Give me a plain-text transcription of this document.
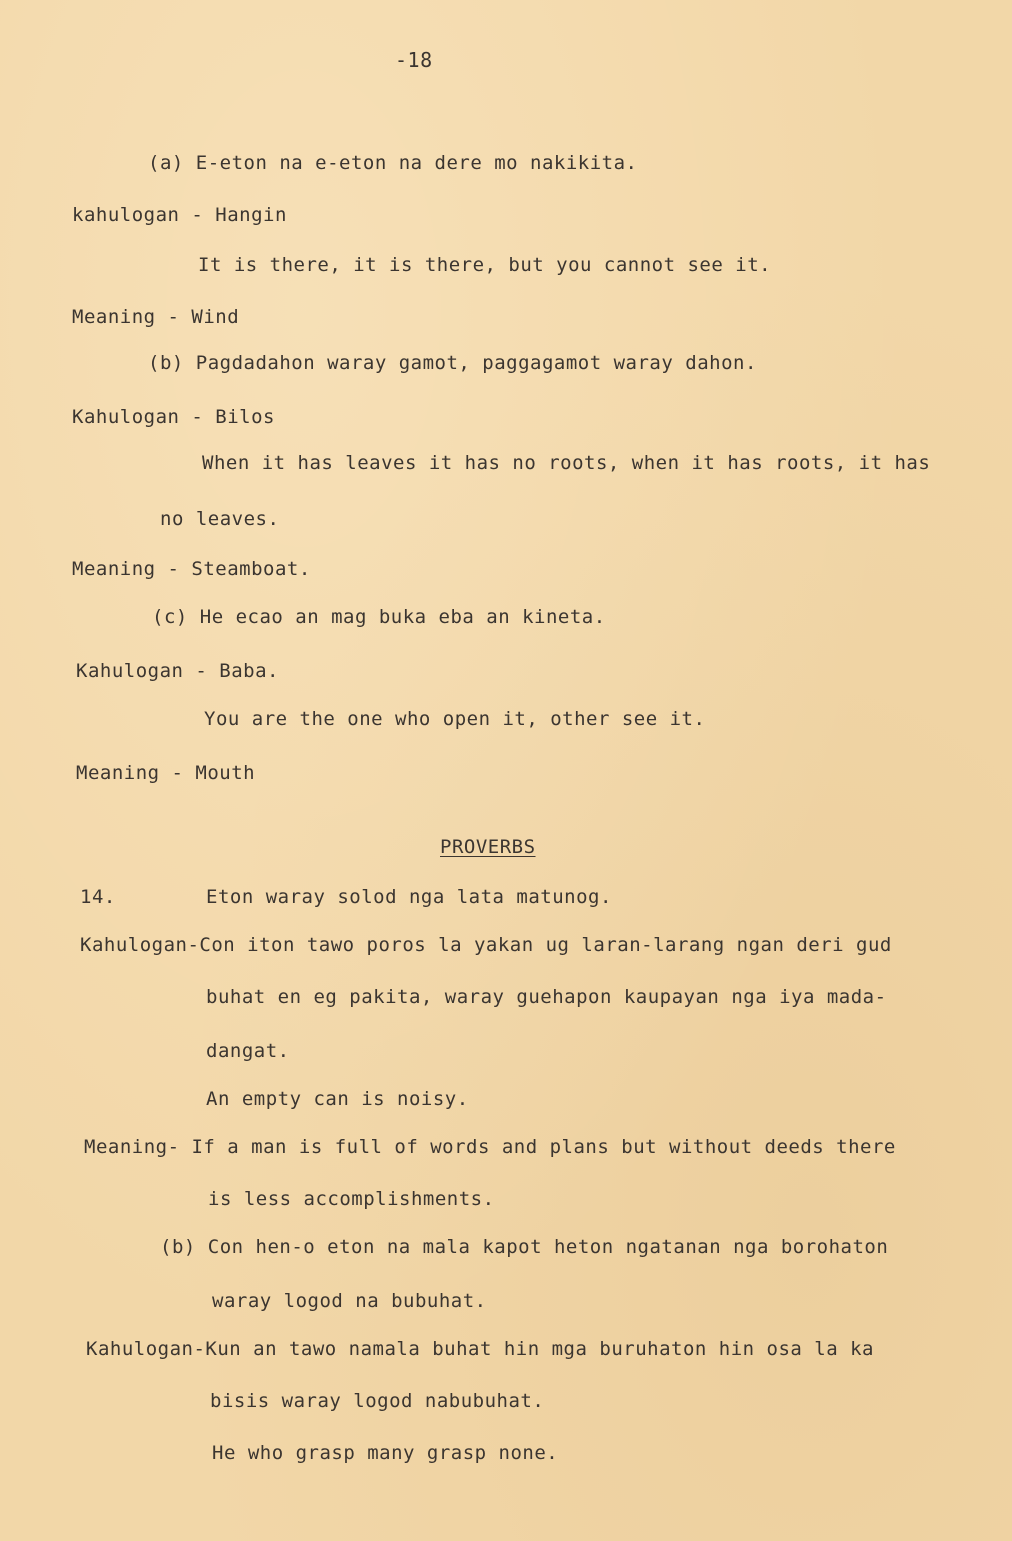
-18
(a) E-eton na e-eton na dere mo nakikita.
kahulogan - Hangin
It is there, it is there, but you cannot see it.
Meaning - Wind
(b) Pagdadahon waray gamot, paggagamot waray dahon.
Kahulogan - Bilos
When it has leaves it has no roots, when it has roots, it has
no leaves.
Meaning - Steamboat.
(c) He ecao an mag buka eba an kineta.
Kahulogan - Baba.
You are the one who open it, other see it.
Meaning - Mouth
PROVERBS
14.	Eton waray solod nga lata matunog.
Kahulogan-Con iton tawo poros la yakan ug laran-larang ngan deri gud
buhat en eg pakita, waray guehapon kaupayan nga iya mada-
dangat.
An empty can is noisy.
Meaning- If a man is full of words and plans but without deeds there
is less accomplishments.
(b) Con hen-o eton na mala kapot heton ngatanan nga borohaton
waray logod na bubuhat.
Kahulogan-Kun an tawo namala buhat hin mga buruhaton hin osa la ka
bisis waray logod nabubuhat.
He who grasp many grasp none.
